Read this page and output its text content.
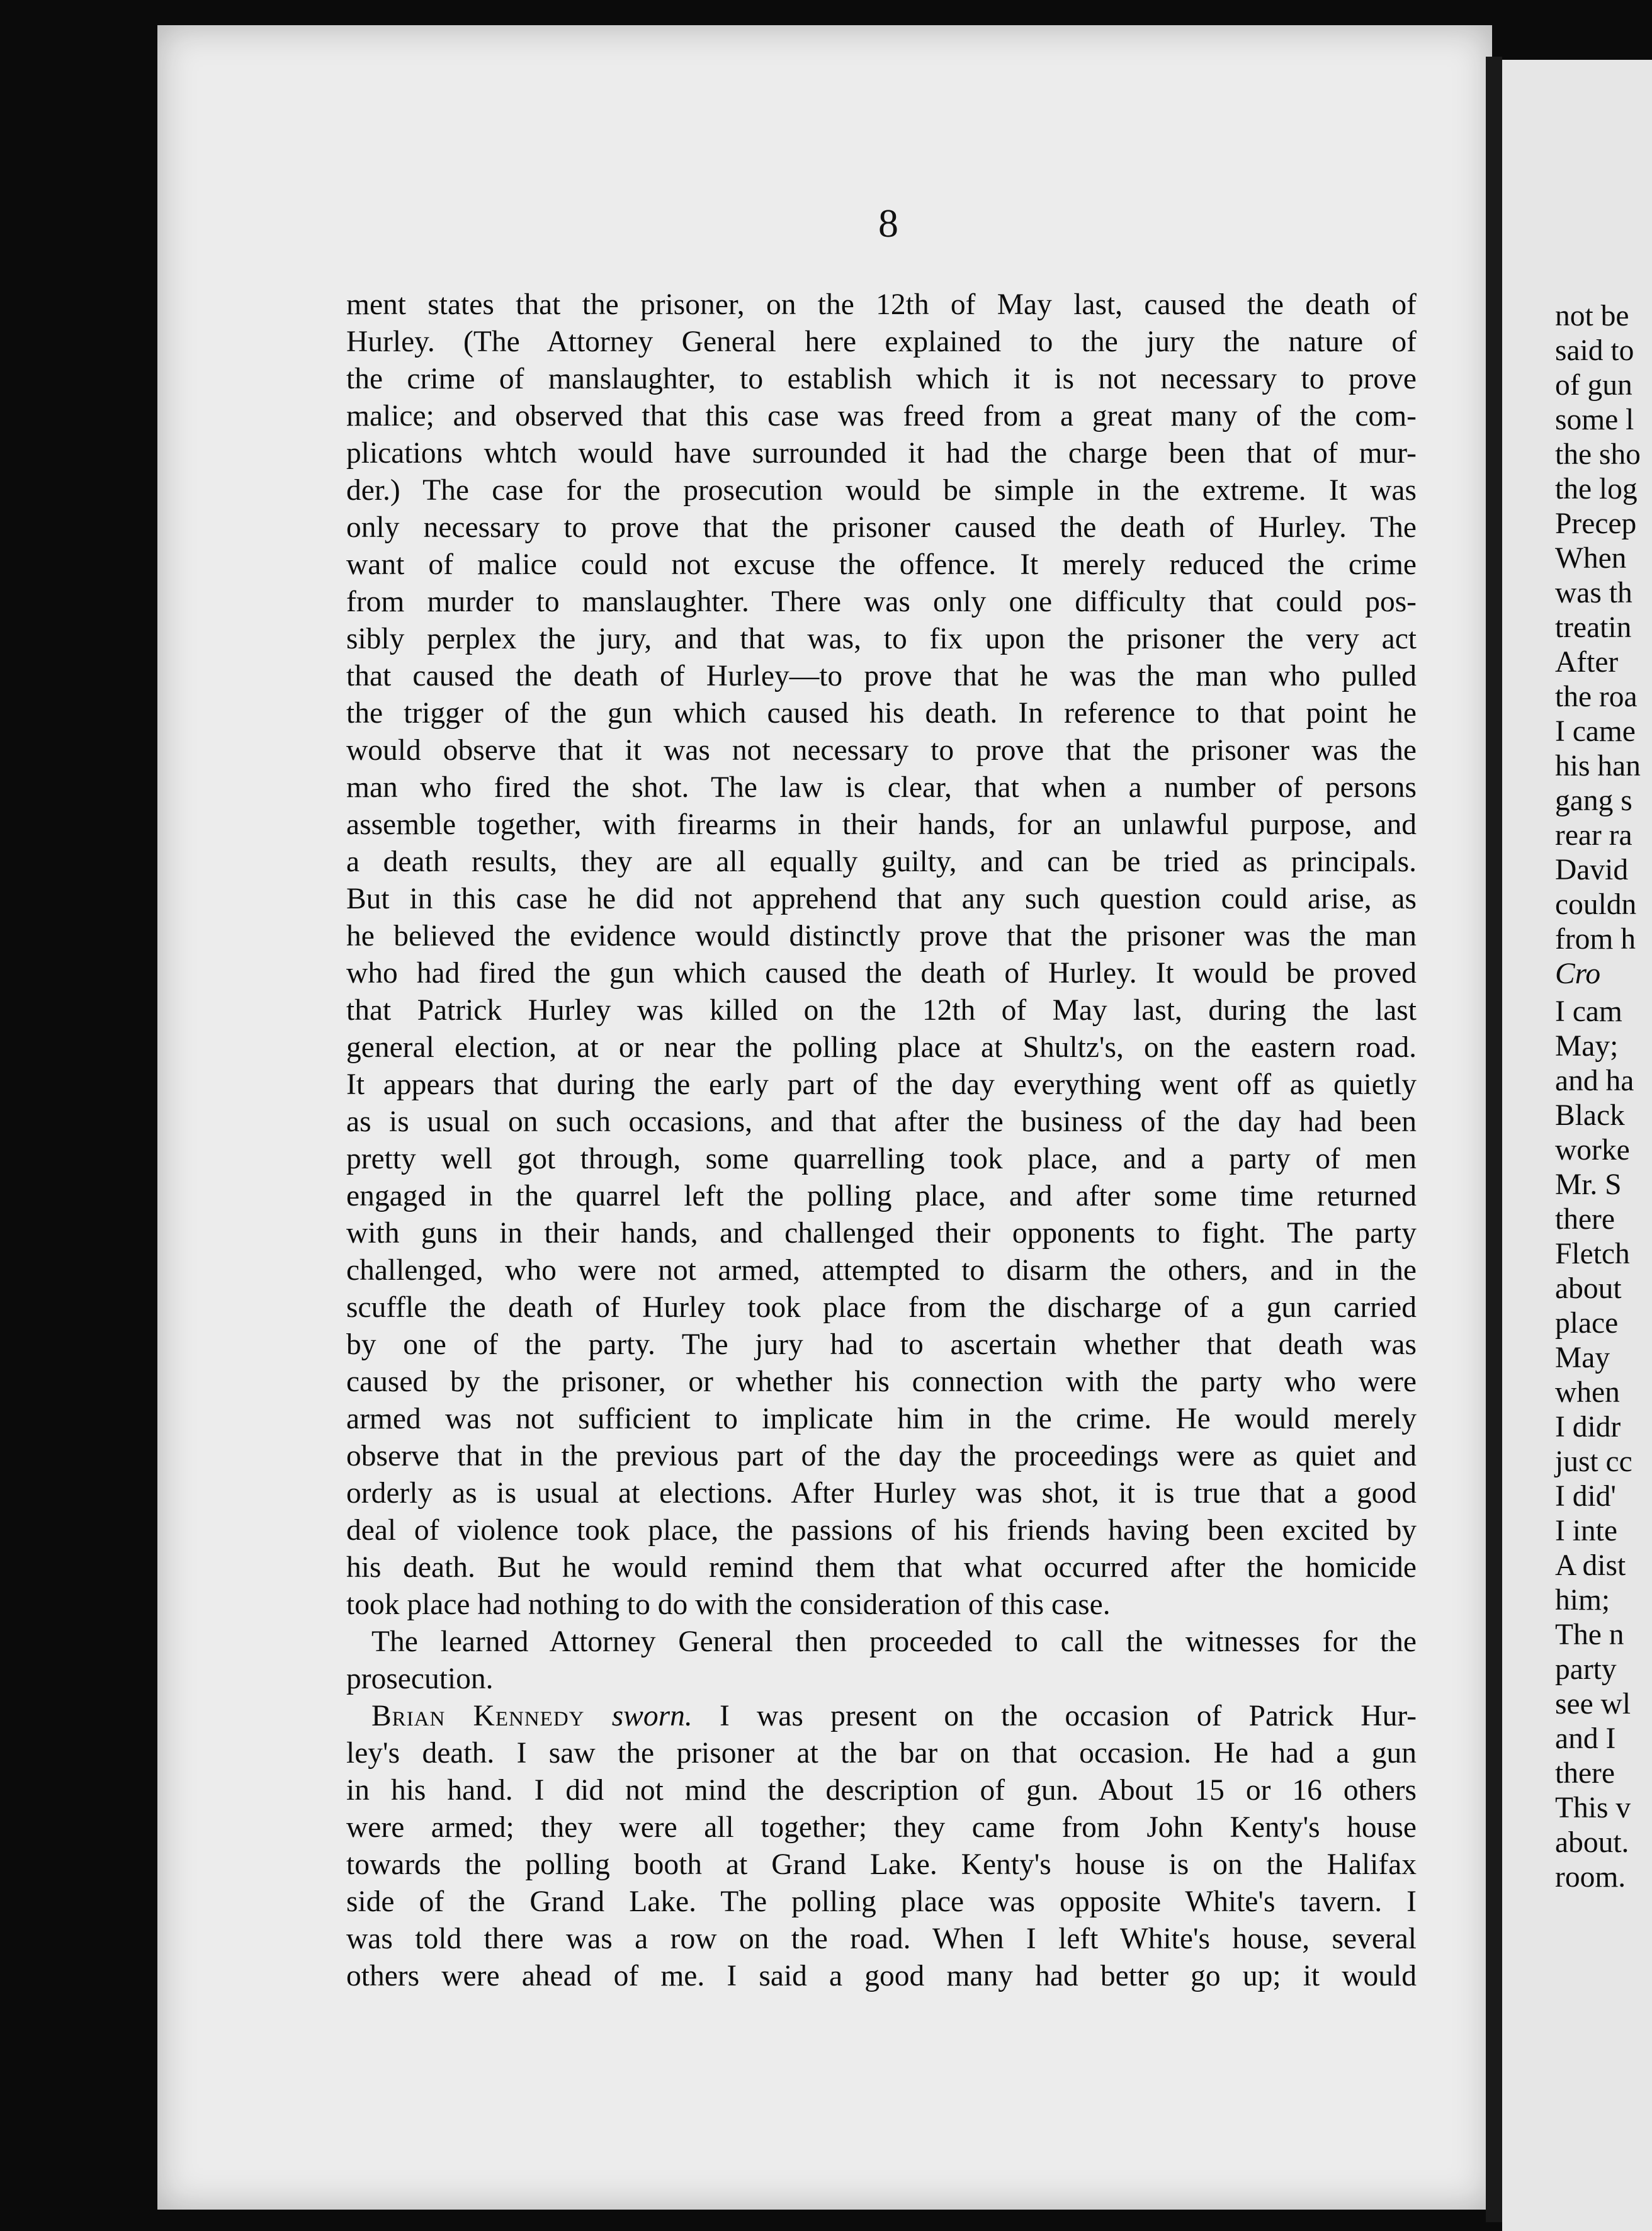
8
ment states that the prisoner, on the 12th of May last, caused the death of
Hurley. (The Attorney General here explained to the jury the nature of
the crime of manslaughter, to establish which it is not necessary to prove
malice; and observed that this case was freed from a great many of the com-
plications whtch would have surrounded it had the charge been that of mur-
der.) The case for the prosecution would be simple in the extreme. It was
only necessary to prove that the prisoner caused the death of Hurley. The
want of malice could not excuse the offence. It merely reduced the crime
from murder to manslaughter. There was only one difficulty that could pos-
sibly perplex the jury, and that was, to fix upon the prisoner the very act
that caused the death of Hurley—to prove that he was the man who pulled
the trigger of the gun which caused his death. In reference to that point he
would observe that it was not necessary to prove that the prisoner was the
man who fired the shot. The law is clear, that when a number of persons
assemble together, with firearms in their hands, for an unlawful purpose, and
a death results, they are all equally guilty, and can be tried as principals.
But in this case he did not apprehend that any such question could arise, as
he believed the evidence would distinctly prove that the prisoner was the man
who had fired the gun which caused the death of Hurley. It would be proved
that Patrick Hurley was killed on the 12th of May last, during the last
general election, at or near the polling place at Shultz's, on the eastern road.
It appears that during the early part of the day everything went off as quietly
as is usual on such occasions, and that after the business of the day had been
pretty well got through, some quarrelling took place, and a party of men
engaged in the quarrel left the polling place, and after some time returned
with guns in their hands, and challenged their opponents to fight. The party
challenged, who were not armed, attempted to disarm the others, and in the
scuffle the death of Hurley took place from the discharge of a gun carried
by one of the party. The jury had to ascertain whether that death was
caused by the prisoner, or whether his connection with the party who were
armed was not sufficient to implicate him in the crime. He would merely
observe that in the previous part of the day the proceedings were as quiet and
orderly as is usual at elections. After Hurley was shot, it is true that a good
deal of violence took place, the passions of his friends having been excited by
his death. But he would remind them that what occurred after the homicide
took place had nothing to do with the consideration of this case.
The learned Attorney General then proceeded to call the witnesses for the
prosecution.
Brian Kennedy sworn. I was present on the occasion of Patrick Hur-
ley's death. I saw the prisoner at the bar on that occasion. He had a gun
in his hand. I did not mind the description of gun. About 15 or 16 others
were armed; they were all together; they came from John Kenty's house
towards the polling booth at Grand Lake. Kenty's house is on the Halifax
side of the Grand Lake. The polling place was opposite White's tavern. I
was told there was a row on the road. When I left White's house, several
others were ahead of me. I said a good many had better go up; it would
not be
said to
of gun
some l
the sho
the log
Precep
When
was th
treatin
After
the roa
I came
his han
gang s
rear ra
David
couldn
from h
Cro
I cam
May;
and ha
Black
worke
Mr. S
there
Fletch
about
place
May
when
I didr
just cc
I did'
I inte
A dist
him;
The n
party
see wl
and I
there
This v
about.
room.
